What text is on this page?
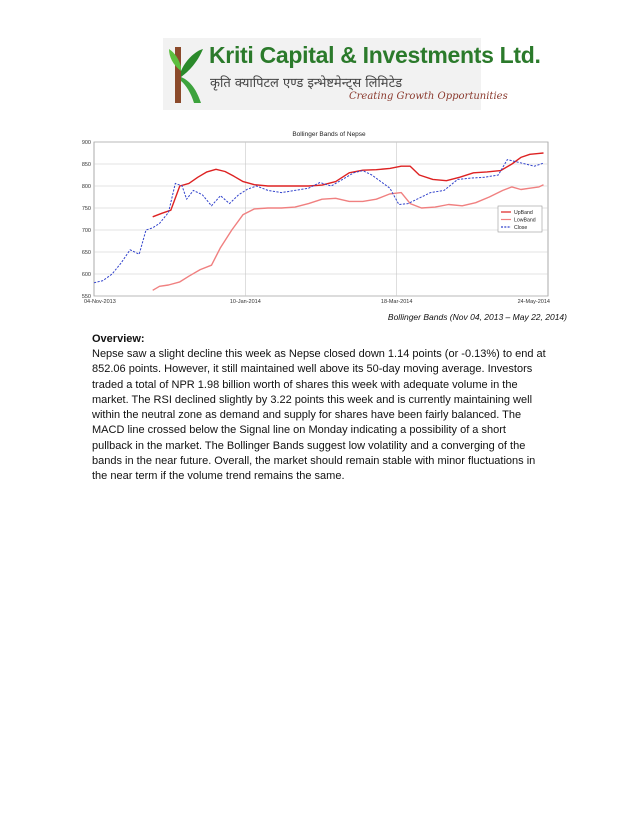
Kriti Capital & Investments Ltd.
कृति क्यापिटल एण्ड इन्भेष्टमेन्ट्स लिमिटेड
Creating Growth Opportunities
Bollinger Bands of Nepse
550
600
650
700
750
800
850
900
04-Nov-2013	10-Jan-2014	18-Mar-2014	24-May-2014
UpBand
LowBand
Close
Bollinger Bands (Nov 04, 2013 – May 22, 2014)
Overview:
Nepse saw a slight decline this week as Nepse closed down 1.14 points (or -0.13%) to end at 852.06 points. However, it still maintained well above its 50-day moving average. Investors traded a total of NPR 1.98 billion worth of shares this week with adequate volume in the market. The RSI declined slightly by 3.22 points this week and is currently maintaining well within the neutral zone as demand and supply for shares have been fairly balanced. The MACD line crossed below the Signal line on Monday indicating a possibility of a short pullback in the market. The Bollinger Bands suggest low volatility and a converging of the bands in the near future. Overall, the market should remain stable with minor fluctuations in the near term if the volume trend remains the same.
